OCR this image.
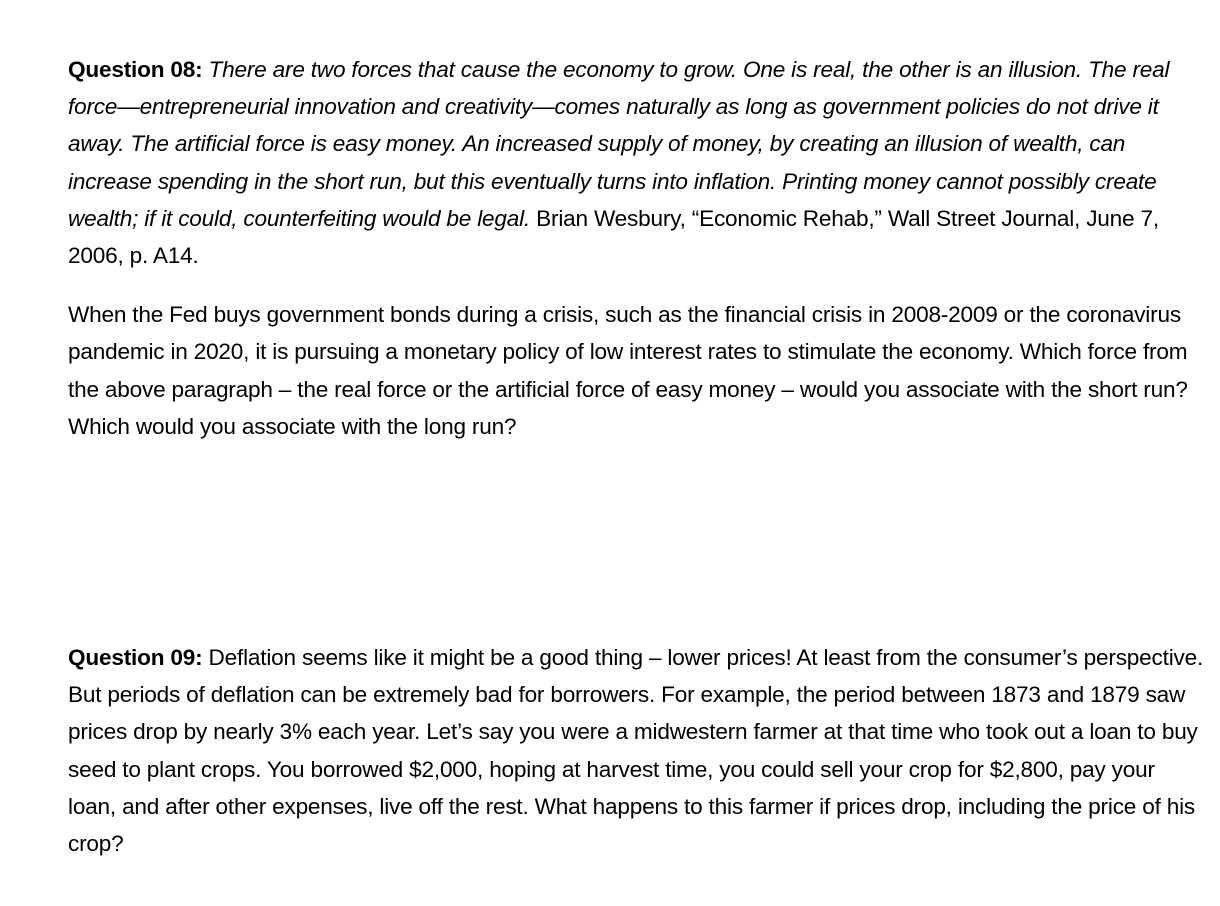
Question 08: There are two forces that cause the economy to grow. One is real, the other is an illusion. The real force—entrepreneurial innovation and creativity—comes naturally as long as government policies do not drive it away. The artificial force is easy money. An increased supply of money, by creating an illusion of wealth, can increase spending in the short run, but this eventually turns into inflation. Printing money cannot possibly create wealth; if it could, counterfeiting would be legal. Brian Wesbury, “Economic Rehab,” Wall Street Journal, June 7, 2006, p. A14.

When the Fed buys government bonds during a crisis, such as the financial crisis in 2008-2009 or the coronavirus pandemic in 2020, it is pursuing a monetary policy of low interest rates to stimulate the economy. Which force from the above paragraph – the real force or the artificial force of easy money – would you associate with the short run? Which would you associate with the long run?

Question 09: Deflation seems like it might be a good thing – lower prices! At least from the consumer’s perspective. But periods of deflation can be extremely bad for borrowers. For example, the period between 1873 and 1879 saw prices drop by nearly 3% each year. Let’s say you were a midwestern farmer at that time who took out a loan to buy seed to plant crops. You borrowed $2,000, hoping at harvest time, you could sell your crop for $2,800, pay your loan, and after other expenses, live off the rest. What happens to this farmer if prices drop, including the price of his crop?
